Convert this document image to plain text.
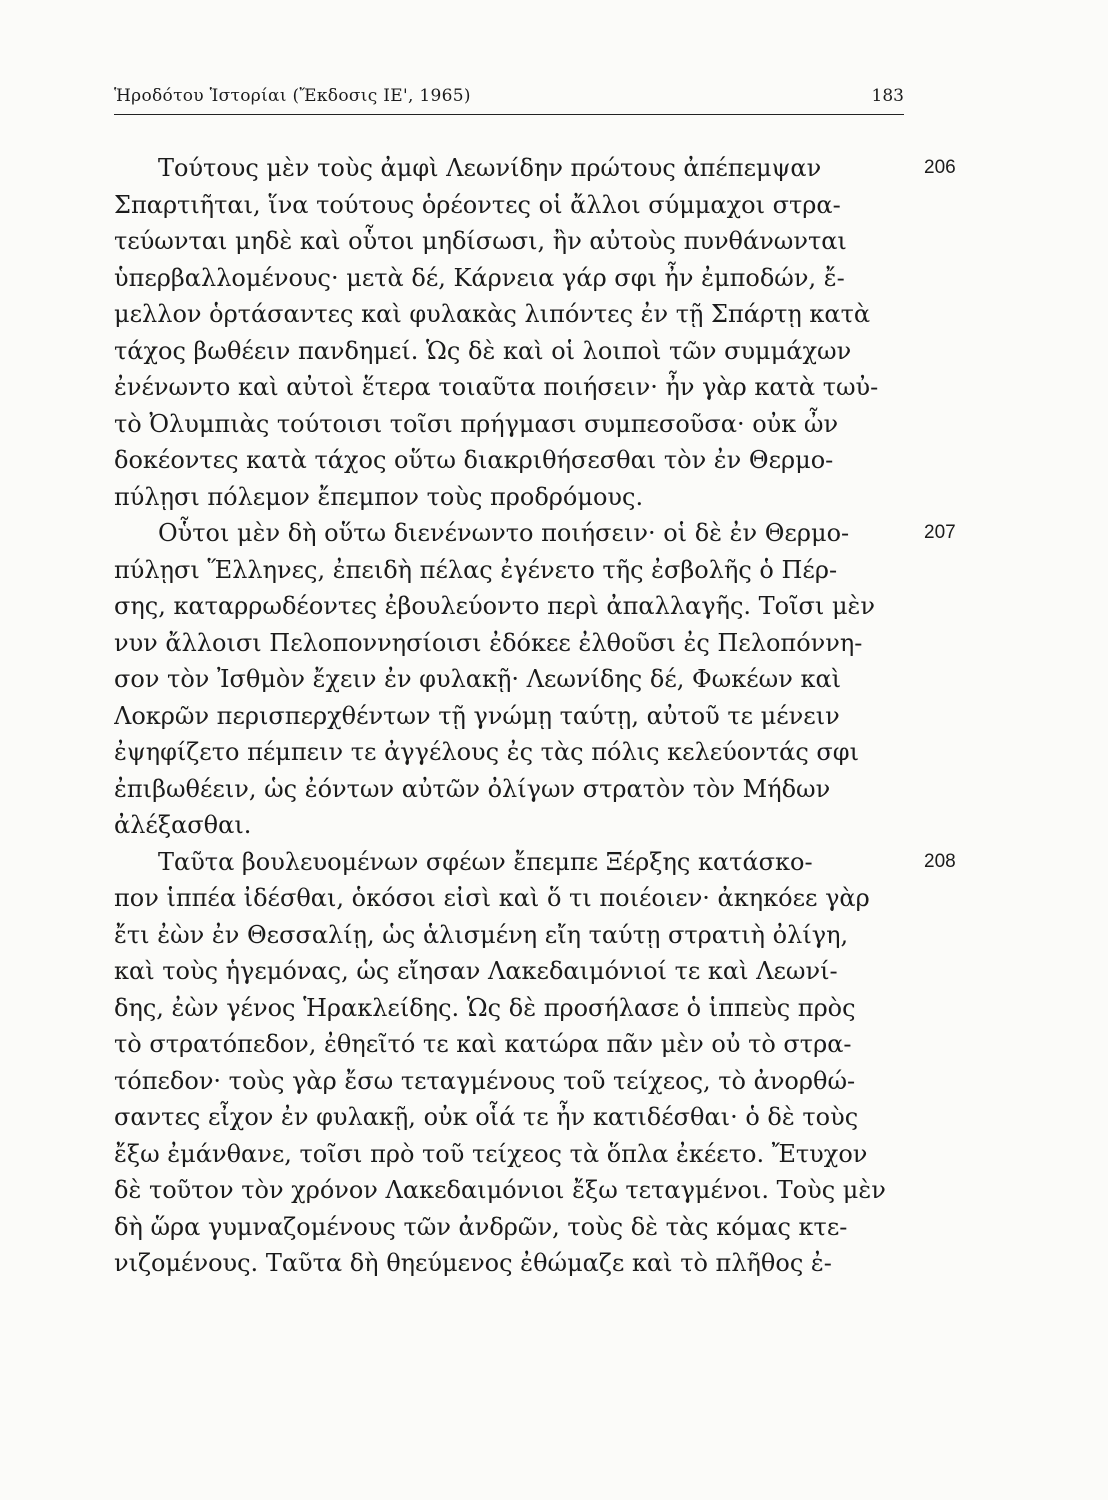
Ἡροδότου Ἱστορίαι (Ἔκδοσις ΙΕ', 1965)	183
Τούτους μὲν τοὺς ἀμφὶ Λεωνίδην πρώτους ἀπέπεμψαν	206
Σπαρτιῆται, ἵνα τούτους ὁρέοντες οἱ ἄλλοι σύμμαχοι στρα-
τεύωνται μηδὲ καὶ οὗτοι μηδίσωσι, ἢν αὐτοὺς πυνθάνωνται
ὑπερβαλλομένους· μετὰ δέ, Κάρνεια γάρ σφι ἦν ἐμποδών, ἔ-
μελλον ὁρτάσαντες καὶ φυλακὰς λιπόντες ἐν τῇ Σπάρτῃ κατὰ
τάχος βωθέειν πανδημεί. Ὡς δὲ καὶ οἱ λοιποὶ τῶν συμμάχων
ἐνένωντο καὶ αὐτοὶ ἕτερα τοιαῦτα ποιήσειν· ἦν γὰρ κατὰ τωὐ-
τὸ Ὀλυμπιὰς τούτοισι τοῖσι πρήγμασι συμπεσοῦσα· οὐκ ὦν
δοκέοντες κατὰ τάχος οὕτω διακριθήσεσθαι τὸν ἐν Θερμο-
πύλῃσι πόλεμον ἔπεμπον τοὺς προδρόμους.
Οὗτοι μὲν δὴ οὕτω διενένωντο ποιήσειν· οἱ δὲ ἐν Θερμο-	207
πύλῃσι Ἕλληνες, ἐπειδὴ πέλας ἐγένετο τῆς ἐσβολῆς ὁ Πέρ-
σης, καταρρωδέοντες ἐβουλεύοντο περὶ ἀπαλλαγῆς. Τοῖσι μὲν
νυν ἄλλοισι Πελοποννησίοισι ἐδόκεε ἐλθοῦσι ἐς Πελοπόννη-
σον τὸν Ἰσθμὸν ἔχειν ἐν φυλακῇ· Λεωνίδης δέ, Φωκέων καὶ
Λοκρῶν περισπερχθέντων τῇ γνώμῃ ταύτῃ, αὐτοῦ τε μένειν
ἐψηφίζετο πέμπειν τε ἀγγέλους ἐς τὰς πόλις κελεύοντάς σφι
ἐπιβωθέειν, ὡς ἐόντων αὐτῶν ὀλίγων στρατὸν τὸν Μήδων
ἀλέξασθαι.
Ταῦτα βουλευομένων σφέων ἔπεμπε Ξέρξης κατάσκο-	208
πον ἱππέα ἰδέσθαι, ὁκόσοι εἰσὶ καὶ ὅ τι ποιέοιεν· ἀκηκόεε γὰρ
ἔτι ἐὼν ἐν Θεσσαλίῃ, ὡς ἁλισμένη εἴη ταύτῃ στρατιὴ ὀλίγη,
καὶ τοὺς ἡγεμόνας, ὡς εἴησαν Λακεδαιμόνιοί τε καὶ Λεωνί-
δης, ἐὼν γένος Ἡρακλείδης. Ὡς δὲ προσήλασε ὁ ἱππεὺς πρὸς
τὸ στρατόπεδον, ἐθηεῖτό τε καὶ κατώρα πᾶν μὲν οὐ τὸ στρα-
τόπεδον· τοὺς γὰρ ἔσω τεταγμένους τοῦ τείχεος, τὸ ἀνορθώ-
σαντες εἶχον ἐν φυλακῇ, οὐκ οἷά τε ἦν κατιδέσθαι· ὁ δὲ τοὺς
ἔξω ἐμάνθανε, τοῖσι πρὸ τοῦ τείχεος τὰ ὅπλα ἐκέετο. Ἔτυχον
δὲ τοῦτον τὸν χρόνον Λακεδαιμόνιοι ἔξω τεταγμένοι. Τοὺς μὲν
δὴ ὥρα γυμναζομένους τῶν ἀνδρῶν, τοὺς δὲ τὰς κόμας κτε-
νιζομένους. Ταῦτα δὴ θηεύμενος ἐθώμαζε καὶ τὸ πλῆθος ἐ-
